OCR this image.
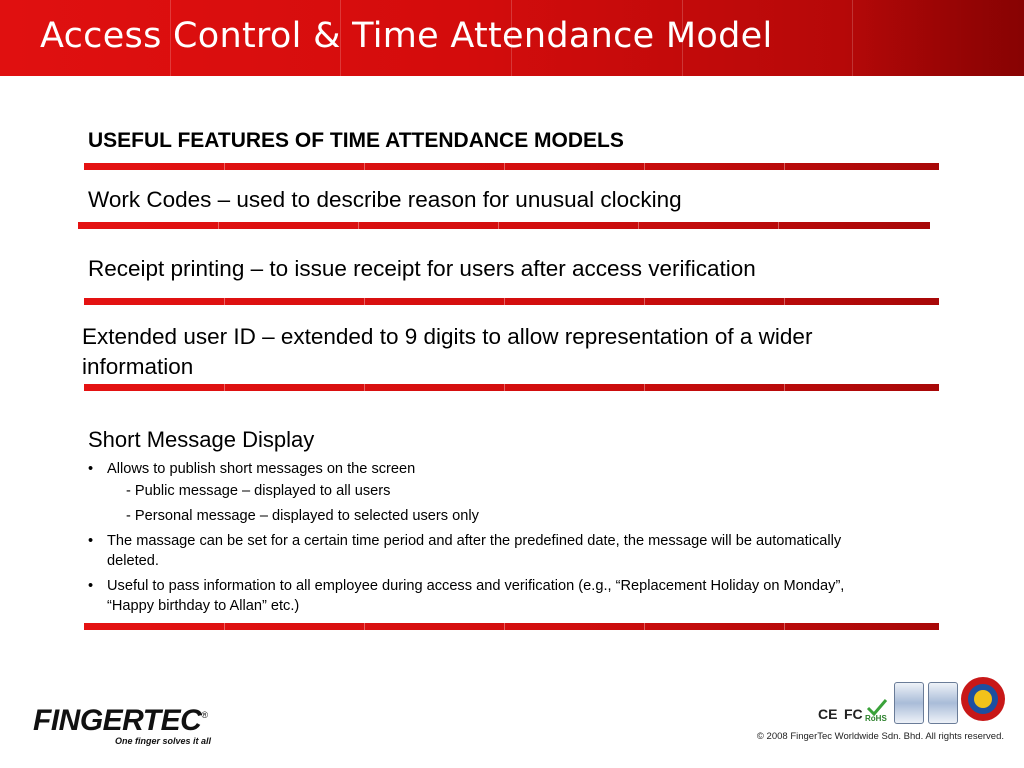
Access Control & Time Attendance Model
USEFUL FEATURES OF TIME ATTENDANCE MODELS
Work Codes – used to describe reason for unusual clocking
Receipt printing – to issue receipt for users after access verification
Extended user ID – extended to 9 digits to allow representation of a wider information
Short Message Display
• Allows to publish short messages on the screen
- Public message – displayed to all users
- Personal message – displayed to selected users only
• The massage can be set for a certain time period and after the predefined date, the message will be automatically deleted.
• Useful to pass information to all employee during access and verification (e.g., “Replacement Holiday on Monday”, “Happy birthday to Allan” etc.)
FINGERTEC®
One finger solves it all
CE FC RoHS
© 2008 FingerTec Worldwide Sdn. Bhd. All rights reserved.
